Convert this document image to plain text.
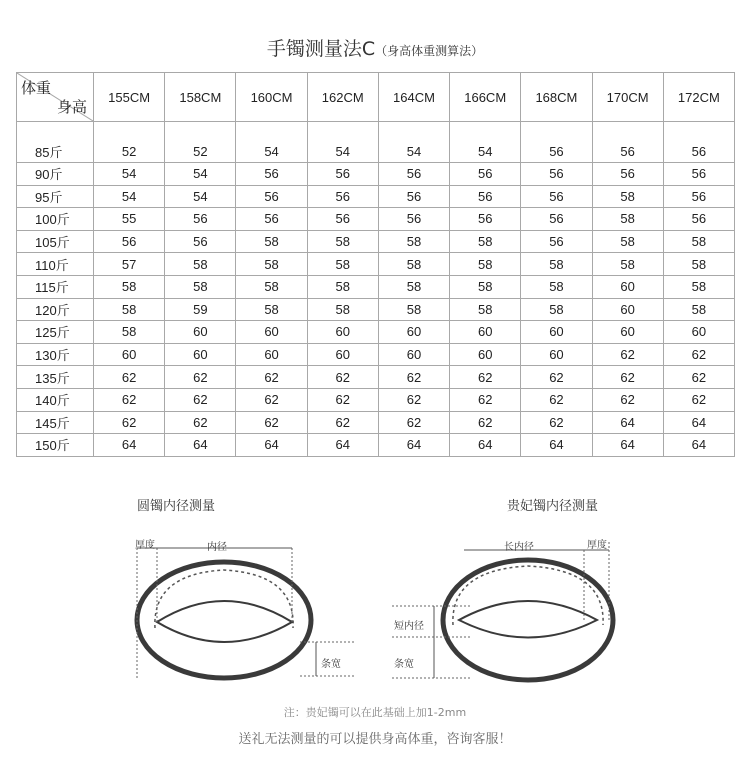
手镯测量法C（身高体重测算法）
体重
身高	155CM	158CM	160CM	162CM	164CM	166CM	168CM	170CM	172CM
85斤	52	52	54	54	54	54	56	56	56
90斤	54	54	56	56	56	56	56	56	56
95斤	54	54	56	56	56	56	56	58	56
100斤	55	56	56	56	56	56	56	58	56
105斤	56	56	58	58	58	58	56	58	58
110斤	57	58	58	58	58	58	58	58	58
115斤	58	58	58	58	58	58	58	60	58
120斤	58	59	58	58	58	58	58	60	58
125斤	58	60	60	60	60	60	60	60	60
130斤	60	60	60	60	60	60	60	62	62
135斤	62	62	62	62	62	62	62	62	62
140斤	62	62	62	62	62	62	62	62	62
145斤	62	62	62	62	62	62	62	64	64
150斤	64	64	64	64	64	64	64	64	64
圆镯内径测量	贵妃镯内径测量
厚度	内径
条宽
长内径	厚度
短内径
条宽
注：贵妃镯可以在此基础上加1-2mm
送礼无法测量的可以提供身高体重，咨询客服！
